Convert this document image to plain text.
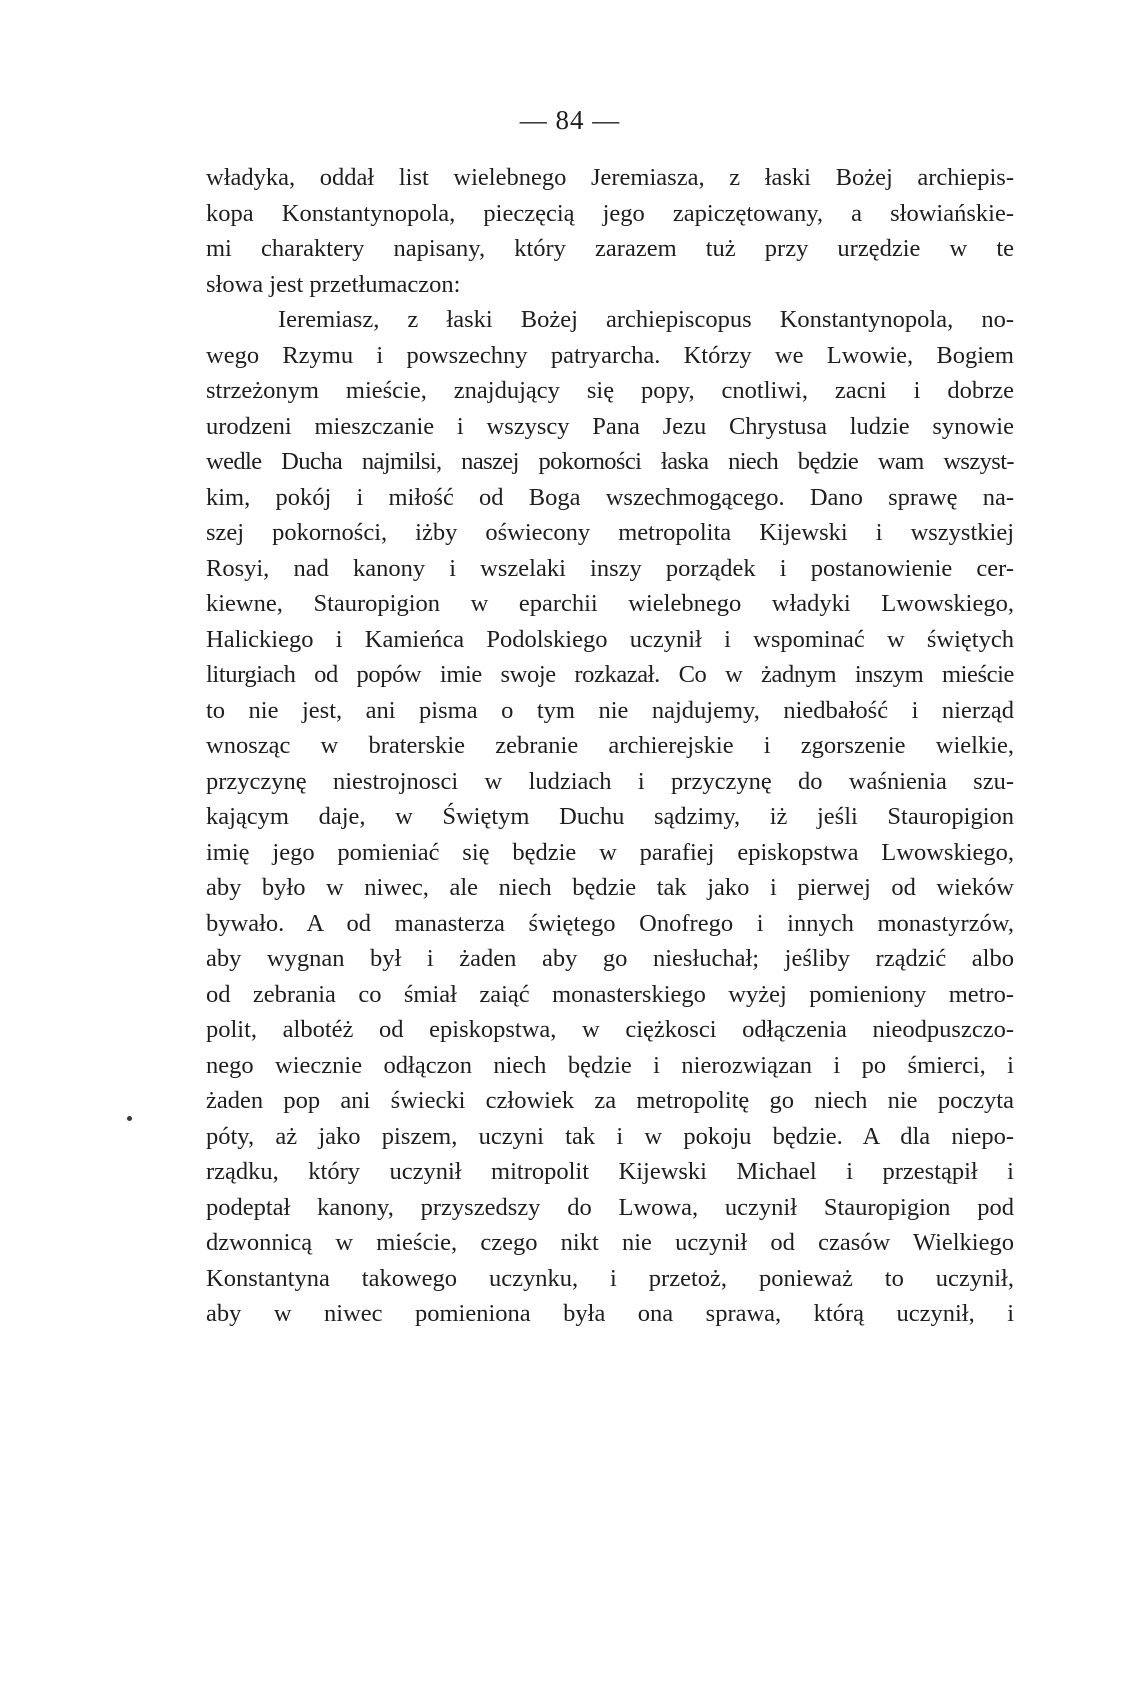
— 84 —
władyka, oddał list wielebnego Jeremiasza, z łaski Bożej archiepis-
kopa Konstantynopola, pieczęcią jego zapiczętowany, a słowiańskie-
mi charaktery napisany, który zarazem tuż przy urzędzie w te
słowa jest przetłumaczon:
Ieremiasz, z łaski Bożej archiepiscopus Konstantynopola, no-
wego Rzymu i powszechny patryarcha. Którzy we Lwowie, Bogiem
strzeżonym mieście, znajdujący się popy, cnotliwi, zacni i dobrze
urodzeni mieszczanie i wszyscy Pana Jezu Chrystusa ludzie synowie
wedle Ducha najmilsi, naszej pokorności łaska niech będzie wam wszyst-
kim, pokój i miłość od Boga wszechmogącego. Dano sprawę na-
szej pokorności, iżby oświecony metropolita Kijewski i wszystkiej
Rosyi, nad kanony i wszelaki inszy porządek i postanowienie cer-
kiewne, Stauropigion w eparchii wielebnego władyki Lwowskiego,
Halickiego i Kamieńca Podolskiego uczynił i wspominać w świętych
liturgiach od popów imie swoje rozkazał. Co w żadnym inszym mieście
to nie jest, ani pisma o tym nie najdujemy, niedbałość i nierząd
wnosząc w braterskie zebranie archierejskie i zgorszenie wielkie,
przyczynę niestrojnosci w ludziach i przyczynę do waśnienia szu-
kającym daje, w Świętym Duchu sądzimy, iż jeśli Stauropigion
imię jego pomieniać się będzie w parafiej episkopstwa Lwowskiego,
aby było w niwec, ale niech będzie tak jako i pierwej od wieków
bywało. A od manasterza świętego Onofrego i innych monastyrzów,
aby wygnan był i żaden aby go niesłuchał; jeśliby rządzić albo
od zebrania co śmiał zaiąć monasterskiego wyżej pomieniony metro-
polit, albotéż od episkopstwa, w ciężkosci odłączenia nieodpuszczo-
nego wiecznie odłączon niech będzie i nierozwiązan i po śmierci, i
żaden pop ani świecki człowiek za metropolitę go niech nie poczyta
póty, aż jako piszem, uczyni tak i w pokoju będzie. A dla niepo-
rządku, który uczynił mitropolit Kijewski Michael i przestąpił i
podeptał kanony, przyszedszy do Lwowa, uczynił Stauropigion pod
dzwonnicą w mieście, czego nikt nie uczynił od czasów Wielkiego
Konstantyna takowego uczynku, i przetoż, ponieważ to uczynił,
aby w niwec pomieniona była ona sprawa, którą uczynił, i
